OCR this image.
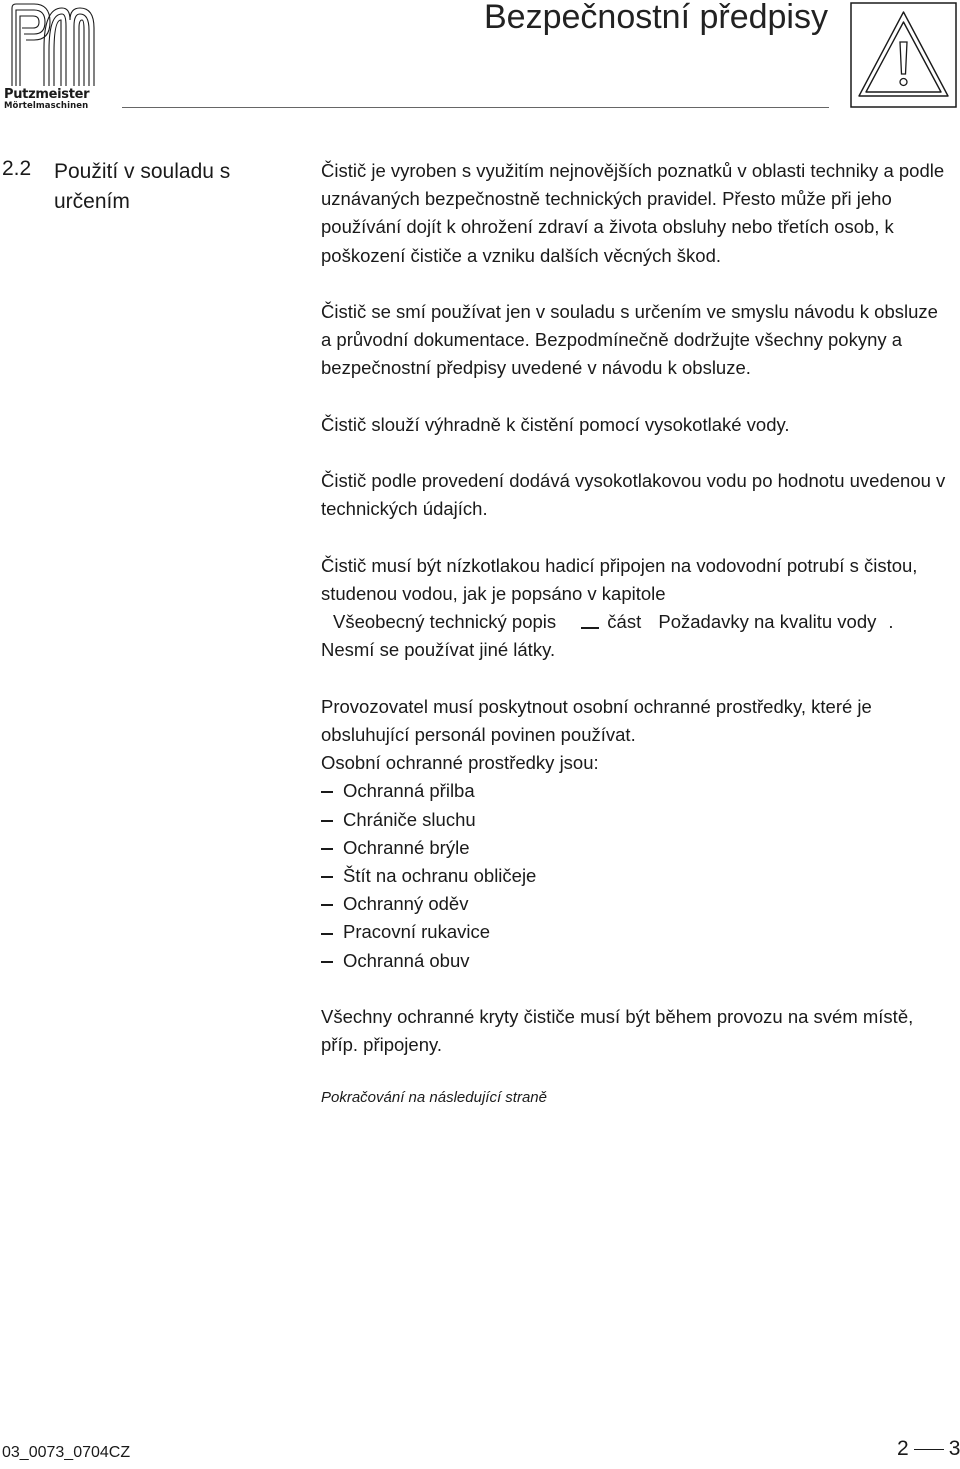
Putzmeister
Mörtelmaschinen
Bezpečnostní předpisy
2.2 Použití v souladu s určením

Čistič je vyroben s využitím nejnovějších poznatků v oblasti techniky a podle uznávaných bezpečnostně technických pravidel. Přesto může při jeho používání dojít k ohrožení zdraví a života obsluhy nebo třetích osob, k poškození čističe a vzniku dalších věcných škod.

Čistič se smí používat jen v souladu s určením ve smyslu návodu k obsluze a průvodní dokumentace. Bezpodmínečně dodržujte všechny pokyny a bezpečnostní předpisy uvedené v návodu k obsluze.

Čistič slouží výhradně k čistění pomocí vysokotlaké vody.

Čistič podle provedení dodává vysokotlakovou vodu po hodnotu uvedenou v technických údajích.

Čistič musí být nízkotlakou hadicí připojen na vodovodní potrubí s čistou, studenou vodou, jak je popsáno v kapitole
Všeobecný technický popis	část Požadavky na kvalitu vody .
Nesmí se používat jiné látky.

Provozovatel musí poskytnout osobní ochranné prostředky, které je obsluhující personál povinen používat.

Osobní ochranné prostředky jsou:

Ochranná přilba
Chrániče sluchu
Ochranné brýle
Štít na ochranu obličeje
Ochranný oděv
Pracovní rukavice
Ochranná obuv

Všechny ochranné kryty čističe musí být během provozu na svém místě, příp. připojeny.

Pokračování na následující straně
03_0073_0704CZ	2 3
